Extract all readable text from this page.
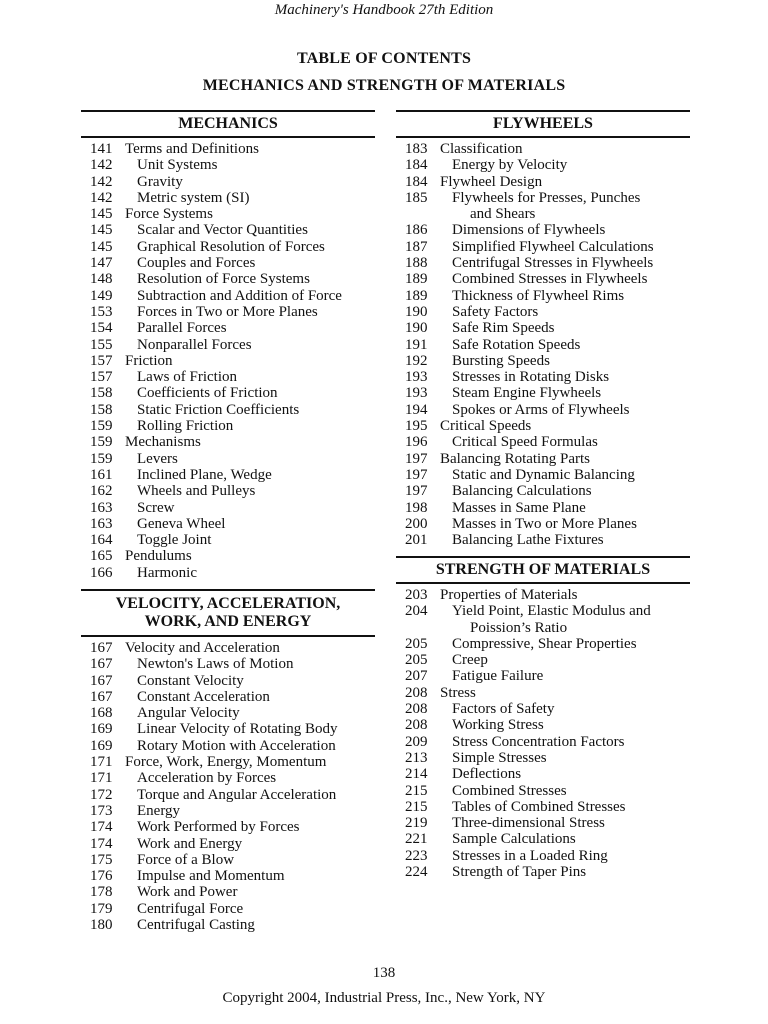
Machinery's Handbook 27th Edition
TABLE OF CONTENTS
MECHANICS AND STRENGTH OF MATERIALS
MECHANICS
141 Terms and Definitions
142	Unit Systems
142	Gravity
142	Metric system (SI)
145 Force Systems
145	Scalar and Vector Quantities
145	Graphical Resolution of Forces
147	Couples and Forces
148	Resolution of Force Systems
149	Subtraction and Addition of Force
153	Forces in Two or More Planes
154	Parallel Forces
155	Nonparallel Forces
157 Friction
157	Laws of Friction
158	Coefficients of Friction
158	Static Friction Coefficients
159	Rolling Friction
159 Mechanisms
159	Levers
161	Inclined Plane, Wedge
162	Wheels and Pulleys
163	Screw
163	Geneva Wheel
164	Toggle Joint
165 Pendulums
166	Harmonic
VELOCITY, ACCELERATION,
WORK, AND ENERGY
167 Velocity and Acceleration
167	Newton's Laws of Motion
167	Constant Velocity
167	Constant Acceleration
168	Angular Velocity
169	Linear Velocity of Rotating Body
169	Rotary Motion with Acceleration
171 Force, Work, Energy, Momentum
171	Acceleration by Forces
172	Torque and Angular Acceleration
173	Energy
174	Work Performed by Forces
174	Work and Energy
175	Force of a Blow
176	Impulse and Momentum
178	Work and Power
179	Centrifugal Force
180	Centrifugal Casting
FLYWHEELS
183 Classification
184	Energy by Velocity
184 Flywheel Design
185	Flywheels for Presses, Punches
and Shears
186	Dimensions of Flywheels
187	Simplified Flywheel Calculations
188	Centrifugal Stresses in Flywheels
189	Combined Stresses in Flywheels
189	Thickness of Flywheel Rims
190	Safety Factors
190	Safe Rim Speeds
191	Safe Rotation Speeds
192	Bursting Speeds
193	Stresses in Rotating Disks
193	Steam Engine Flywheels
194	Spokes or Arms of Flywheels
195 Critical Speeds
196	Critical Speed Formulas
197 Balancing Rotating Parts
197	Static and Dynamic Balancing
197	Balancing Calculations
198	Masses in Same Plane
200	Masses in Two or More Planes
201	Balancing Lathe Fixtures
STRENGTH OF MATERIALS
203 Properties of Materials
204	Yield Point, Elastic Modulus and
Poission’s Ratio
205	Compressive, Shear Properties
205	Creep
207	Fatigue Failure
208 Stress
208	Factors of Safety
208	Working Stress
209	Stress Concentration Factors
213	Simple Stresses
214	Deflections
215	Combined Stresses
215	Tables of Combined Stresses
219	Three-dimensional Stress
221	Sample Calculations
223	Stresses in a Loaded Ring
224	Strength of Taper Pins
138
Copyright 2004, Industrial Press, Inc., New York, NY
